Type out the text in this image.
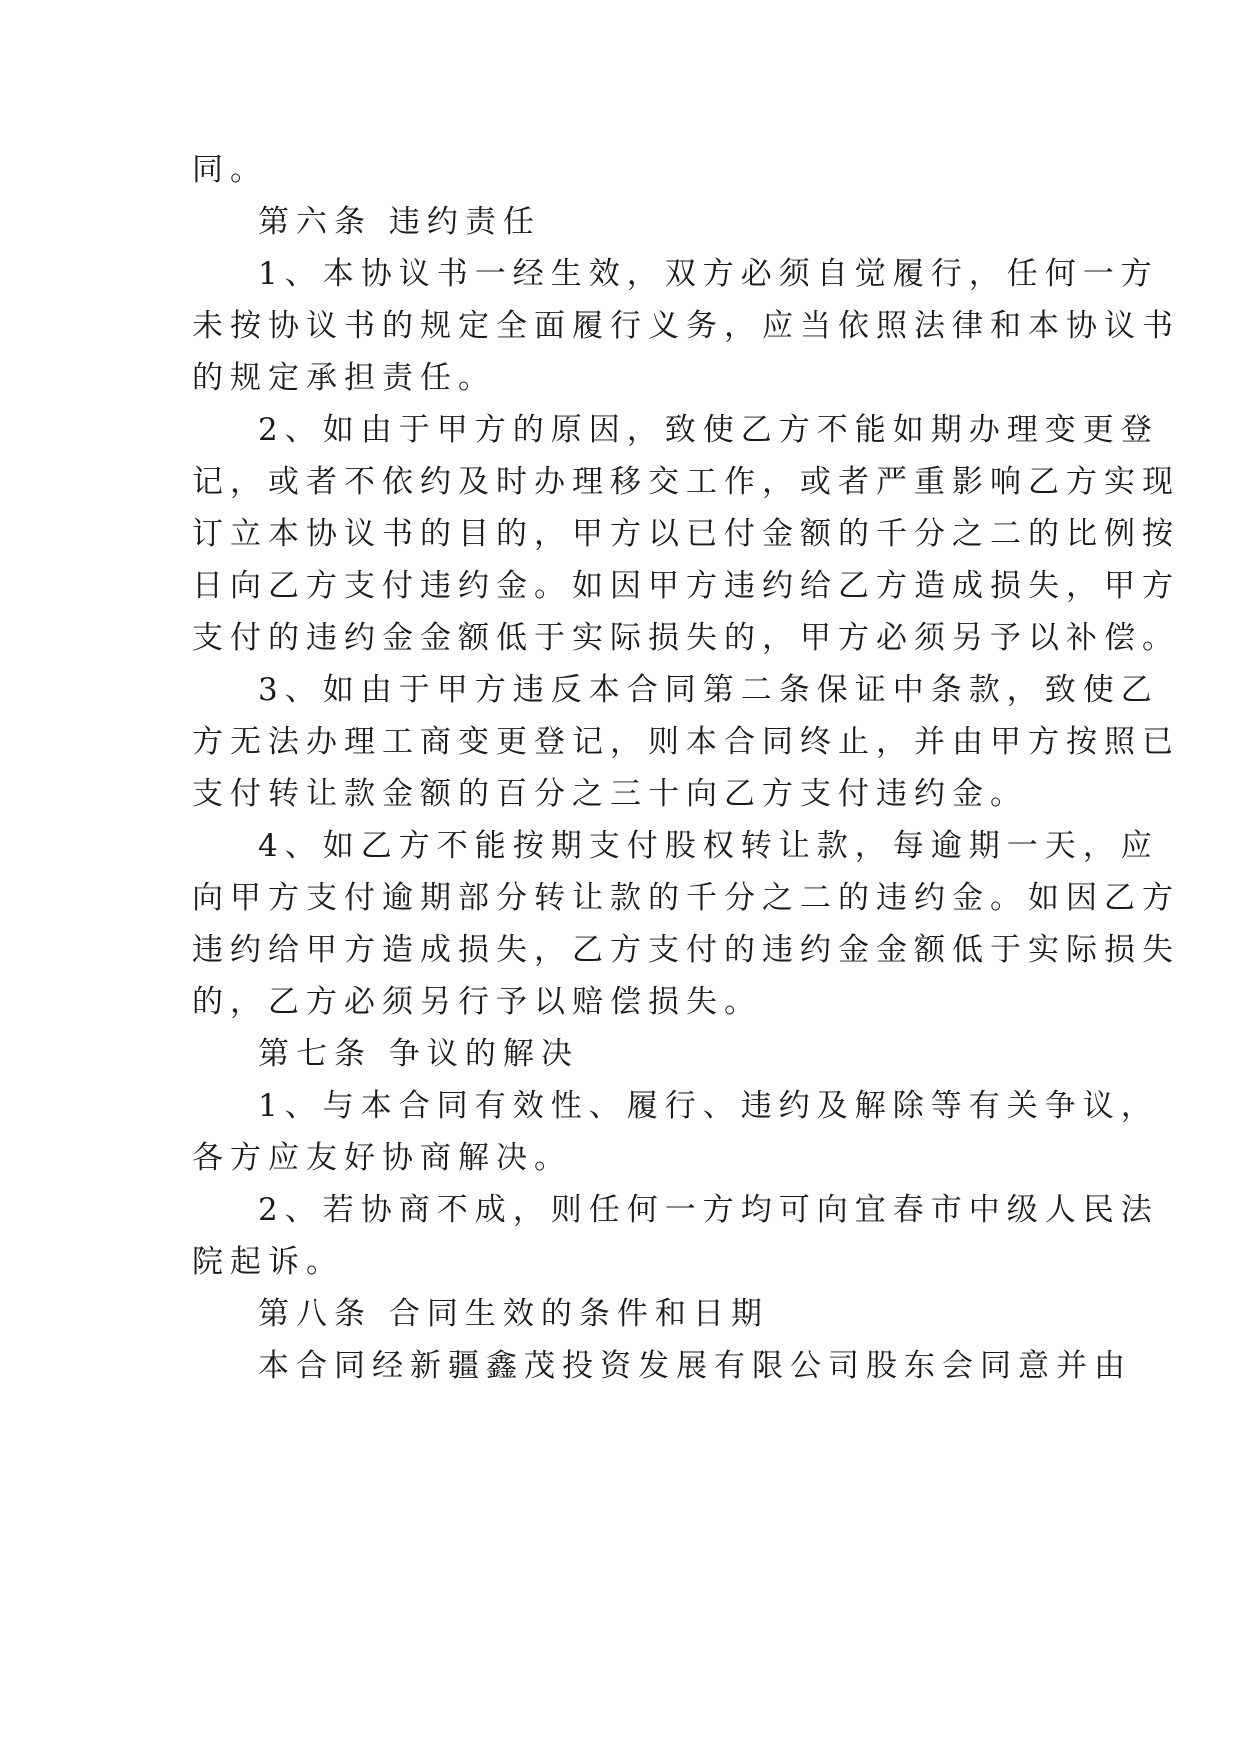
同。

第六条 违约责任

1、本协议书一经生效，双方必须自觉履行，任何一方

未按协议书的规定全面履行义务，应当依照法律和本协议书

的规定承担责任。

2、如由于甲方的原因，致使乙方不能如期办理变更登

记，或者不依约及时办理移交工作，或者严重影响乙方实现

订立本协议书的目的，甲方以已付金额的千分之二的比例按

日向乙方支付违约金。如因甲方违约给乙方造成损失，甲方

支付的违约金金额低于实际损失的，甲方必须另予以补偿。

3、如由于甲方违反本合同第二条保证中条款，致使乙

方无法办理工商变更登记，则本合同终止，并由甲方按照已

支付转让款金额的百分之三十向乙方支付违约金。

4、如乙方不能按期支付股权转让款，每逾期一天，应

向甲方支付逾期部分转让款的千分之二的违约金。如因乙方

违约给甲方造成损失，乙方支付的违约金金额低于实际损失

的，乙方必须另行予以赔偿损失。

第七条 争议的解决

1、与本合同有效性、履行、违约及解除等有关争议，

各方应友好协商解决。

2、若协商不成，则任何一方均可向宜春市中级人民法

院起诉。

第八条 合同生效的条件和日期

本合同经新疆鑫茂投资发展有限公司股东会同意并由
